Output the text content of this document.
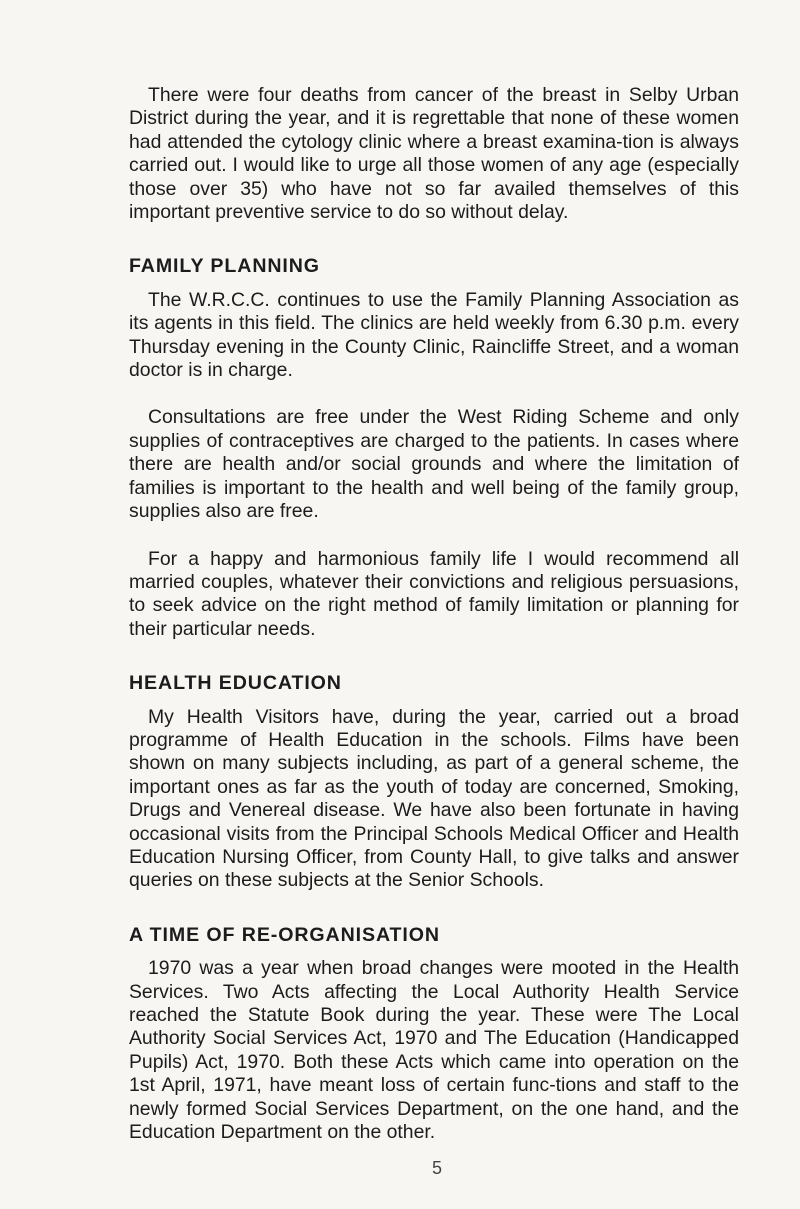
There were four deaths from cancer of the breast in Selby Urban District during the year, and it is regrettable that none of these women had attended the cytology clinic where a breast examina-tion is always carried out. I would like to urge all those women of any age (especially those over 35) who have not so far availed themselves of this important preventive service to do so without delay.

FAMILY PLANNING

The W.R.C.C. continues to use the Family Planning Association as its agents in this field. The clinics are held weekly from 6.30 p.m. every Thursday evening in the County Clinic, Raincliffe Street, and a woman doctor is in charge.

Consultations are free under the West Riding Scheme and only supplies of contraceptives are charged to the patients. In cases where there are health and/or social grounds and where the limitation of families is important to the health and well being of the family group, supplies also are free.

For a happy and harmonious family life I would recommend all married couples, whatever their convictions and religious persuasions, to seek advice on the right method of family limitation or planning for their particular needs.

HEALTH EDUCATION

My Health Visitors have, during the year, carried out a broad programme of Health Education in the schools. Films have been shown on many subjects including, as part of a general scheme, the important ones as far as the youth of today are concerned, Smoking, Drugs and Venereal disease. We have also been fortunate in having occasional visits from the Principal Schools Medical Officer and Health Education Nursing Officer, from County Hall, to give talks and answer queries on these subjects at the Senior Schools.

A TIME OF RE-ORGANISATION

1970 was a year when broad changes were mooted in the Health Services. Two Acts affecting the Local Authority Health Service reached the Statute Book during the year. These were The Local Authority Social Services Act, 1970 and The Education (Handicapped Pupils) Act, 1970. Both these Acts which came into operation on the 1st April, 1971, have meant loss of certain func-tions and staff to the newly formed Social Services Department, on the one hand, and the Education Department on the other.

5
